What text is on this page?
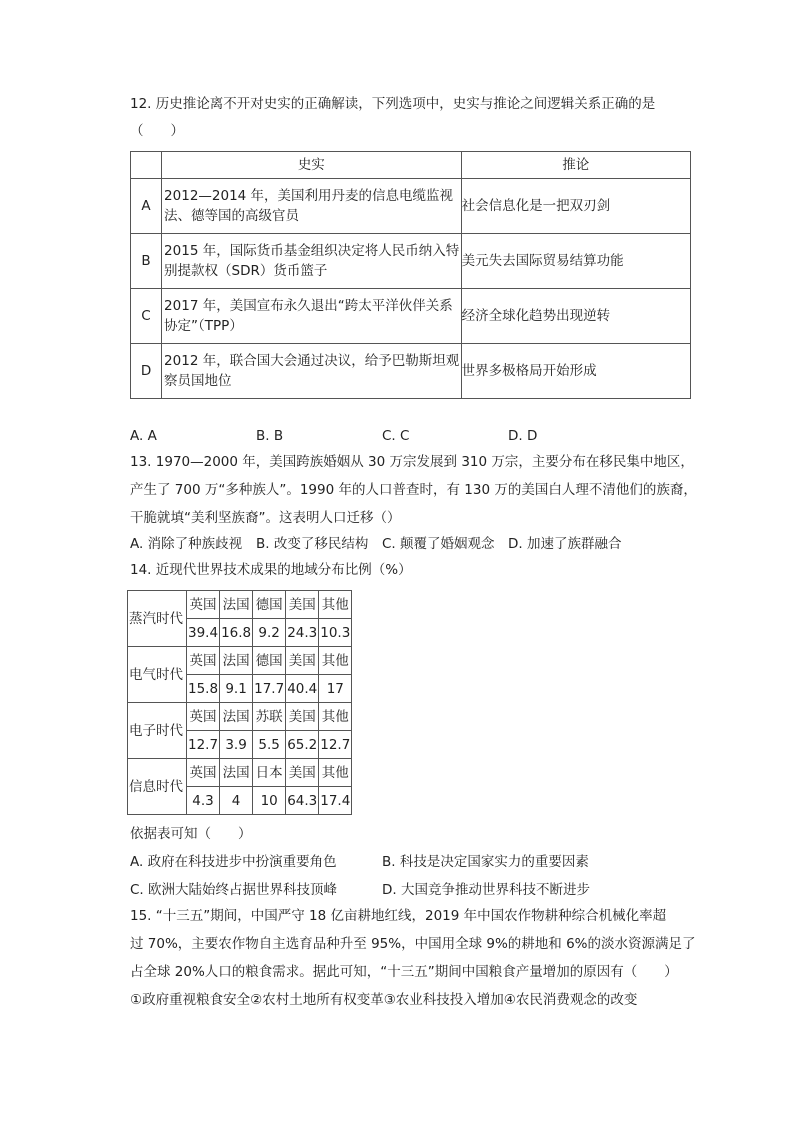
12. 历史推论离不开对史实的正确解读，下列选项中，史实与推论之间逻辑关系正确的是
（　　）
	史实	推论
A	2012—2014 年，美国利用丹麦的信息电缆监视法、德等国的高级官员	社会信息化是一把双刃剑
B	2015 年，国际货币基金组织决定将人民币纳入特别提款权（SDR）货币篮子	美元失去国际贸易结算功能
C	2017 年，美国宣布永久退出“跨太平洋伙伴关系协定”（TPP）	经济全球化趋势出现逆转
D	2012 年，联合国大会通过决议，给予巴勒斯坦观察员国地位	世界多极格局开始形成
A. A	B. B	C. C	D. D
13. 1970—2000 年，美国跨族婚姻从 30 万宗发展到 310 万宗，主要分布在移民集中地区，
产生了 700 万“多种族人”。1990 年的人口普查时，有 130 万的美国白人理不清他们的族裔，
干脆就填“美利坚族裔”。这表明人口迁移（）
A. 消除了种族歧视 B. 改变了移民结构 C. 颠覆了婚姻观念 D. 加速了族群融合
14. 近现代世界技术成果的地域分布比例（%）
蒸汽时代	英国	法国	德国	美国	其他
	39.4	16.8	9.2	24.3	10.3
电气时代	英国	法国	德国	美国	其他
	15.8	9.1	17.7	40.4	17
电子时代	英国	法国	苏联	美国	其他
	12.7	3.9	5.5	65.2	12.7
信息时代	英国	法国	日本	美国	其他
	4.3	4	10	64.3	17.4
依据表可知（　　）
A. 政府在科技进步中扮演重要角色	B. 科技是决定国家实力的重要因素
C. 欧洲大陆始终占据世界科技顶峰	D. 大国竞争推动世界科技不断进步
15. “十三五”期间，中国严守 18 亿亩耕地红线，2019 年中国农作物耕种综合机械化率超
过 70%，主要农作物自主选育品种升至 95%，中国用全球 9%的耕地和 6%的淡水资源满足了
占全球 20%人口的粮食需求。据此可知，“十三五”期间中国粮食产量增加的原因有（　　）
①政府重视粮食安全②农村土地所有权变革③农业科技投入增加④农民消费观念的改变
